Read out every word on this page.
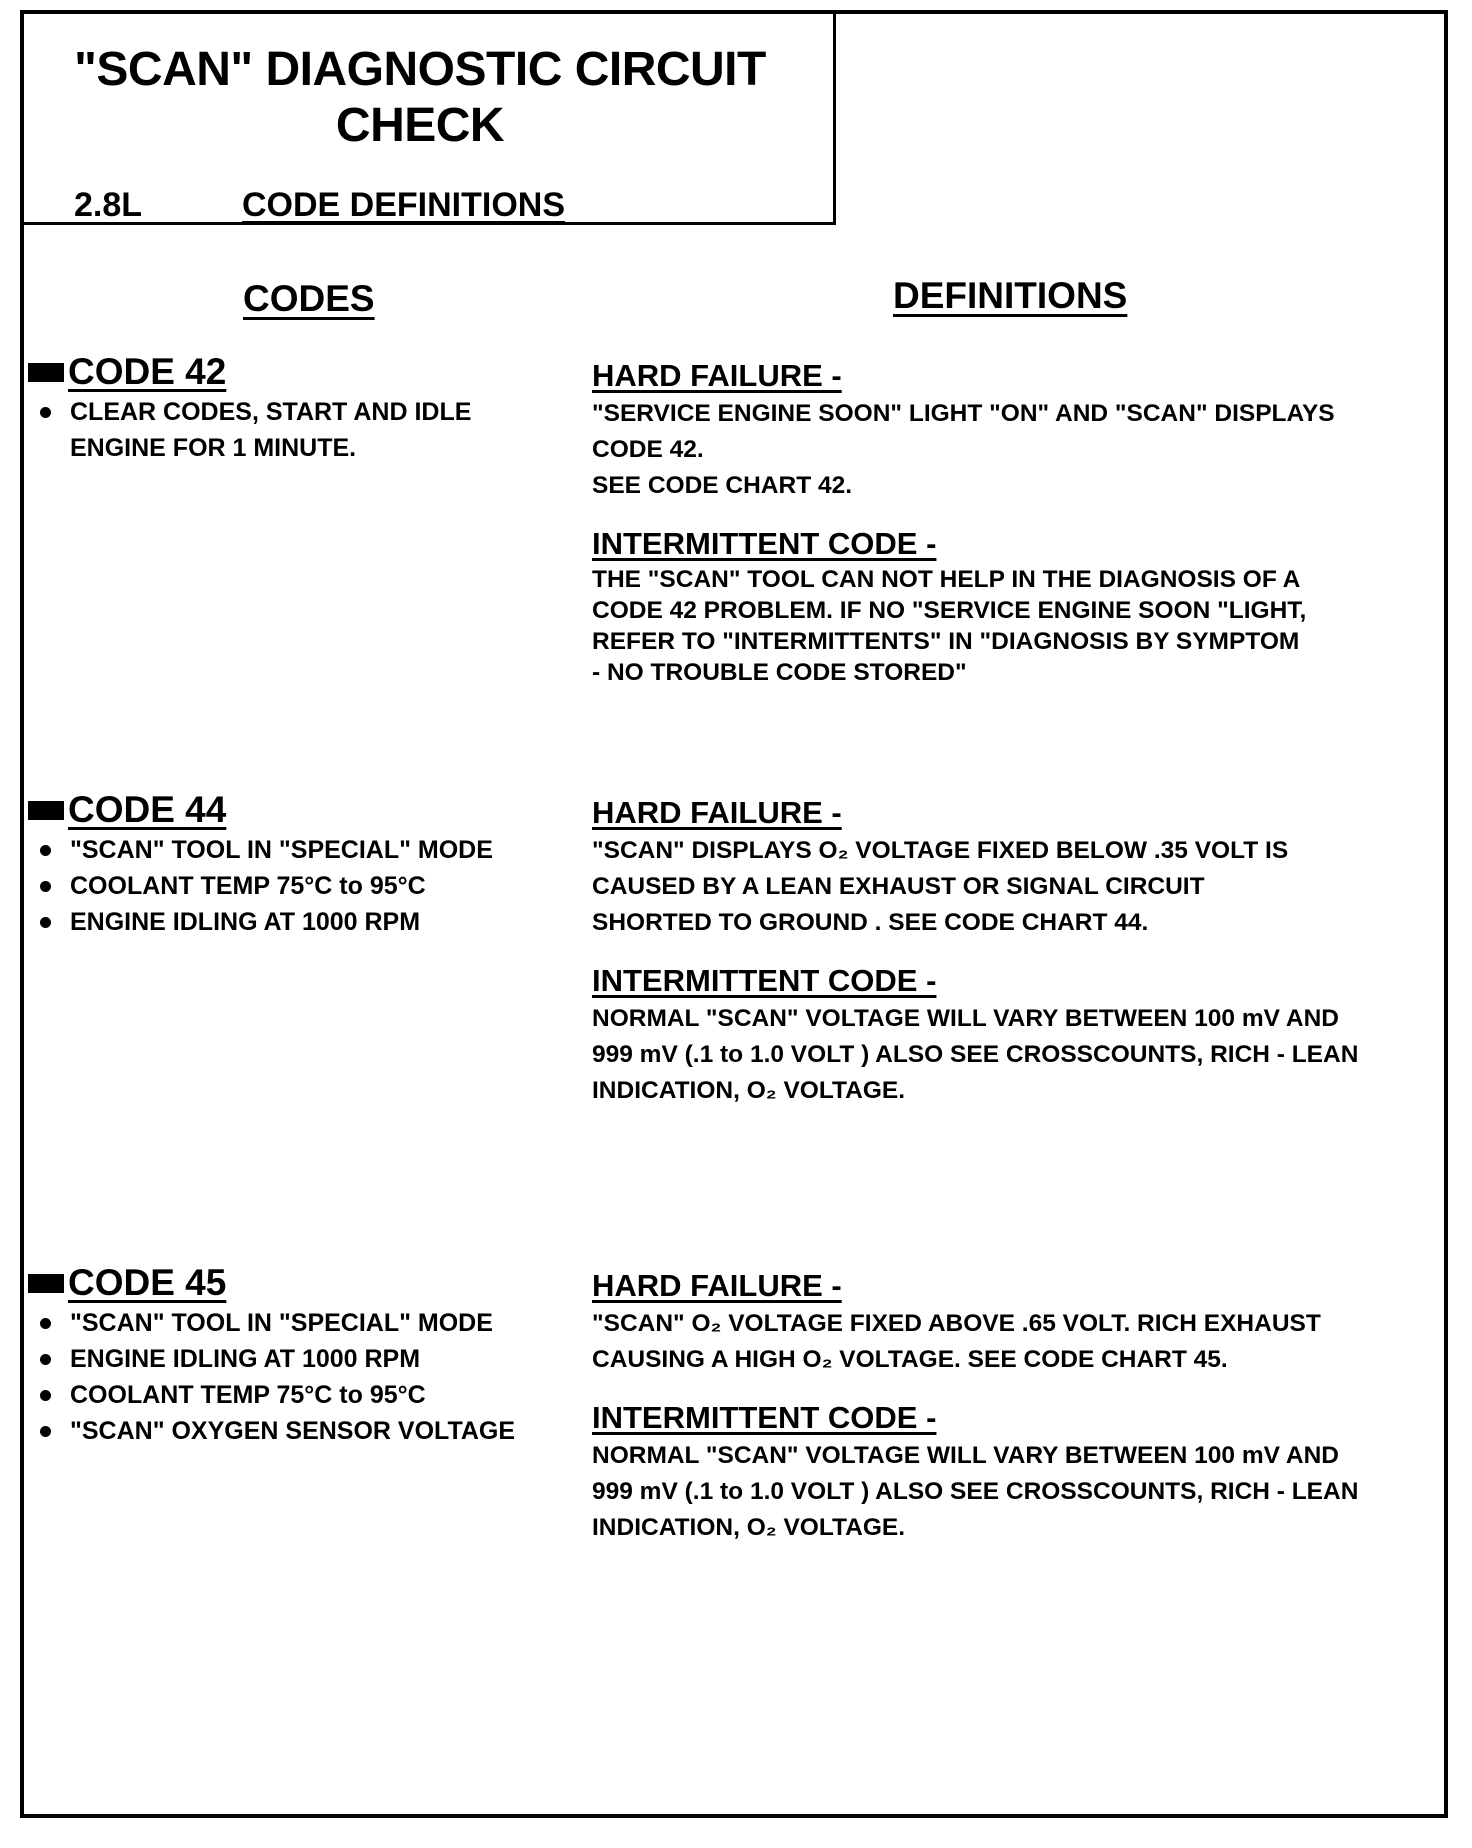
"SCAN" DIAGNOSTIC CIRCUIT CHECK
2.8L	CODE DEFINITIONS
CODES	DEFINITIONS
CODE 42
CLEAR CODES, START AND IDLE
ENGINE FOR 1 MINUTE.
HARD FAILURE -
"SERVICE ENGINE SOON" LIGHT "ON" AND "SCAN" DISPLAYS
CODE 42.
SEE CODE CHART 42.
INTERMITTENT CODE -
THE "SCAN" TOOL CAN NOT HELP IN THE DIAGNOSIS OF A
CODE 42 PROBLEM. IF NO "SERVICE ENGINE SOON "LIGHT,
REFER TO "INTERMITTENTS" IN "DIAGNOSIS BY SYMPTOM
- NO TROUBLE CODE STORED"
CODE 44
"SCAN" TOOL IN "SPECIAL" MODE
COOLANT TEMP 75°C to 95°C
ENGINE IDLING AT 1000 RPM
HARD FAILURE -
"SCAN" DISPLAYS O₂ VOLTAGE FIXED BELOW .35 VOLT IS
CAUSED BY A LEAN EXHAUST OR SIGNAL CIRCUIT
SHORTED TO GROUND . SEE CODE CHART 44.
INTERMITTENT CODE -
NORMAL "SCAN" VOLTAGE WILL VARY BETWEEN 100 mV AND
999 mV (.1 to 1.0 VOLT ) ALSO SEE CROSSCOUNTS, RICH - LEAN
INDICATION, O₂ VOLTAGE.
CODE 45
"SCAN" TOOL IN "SPECIAL" MODE
ENGINE IDLING AT 1000 RPM
COOLANT TEMP 75°C to 95°C
"SCAN" OXYGEN SENSOR VOLTAGE
HARD FAILURE -
"SCAN" O₂ VOLTAGE FIXED ABOVE .65 VOLT. RICH EXHAUST
CAUSING A HIGH O₂ VOLTAGE. SEE CODE CHART 45.
INTERMITTENT CODE -
NORMAL "SCAN" VOLTAGE WILL VARY BETWEEN 100 mV AND
999 mV (.1 to 1.0 VOLT ) ALSO SEE CROSSCOUNTS, RICH - LEAN
INDICATION, O₂ VOLTAGE.
